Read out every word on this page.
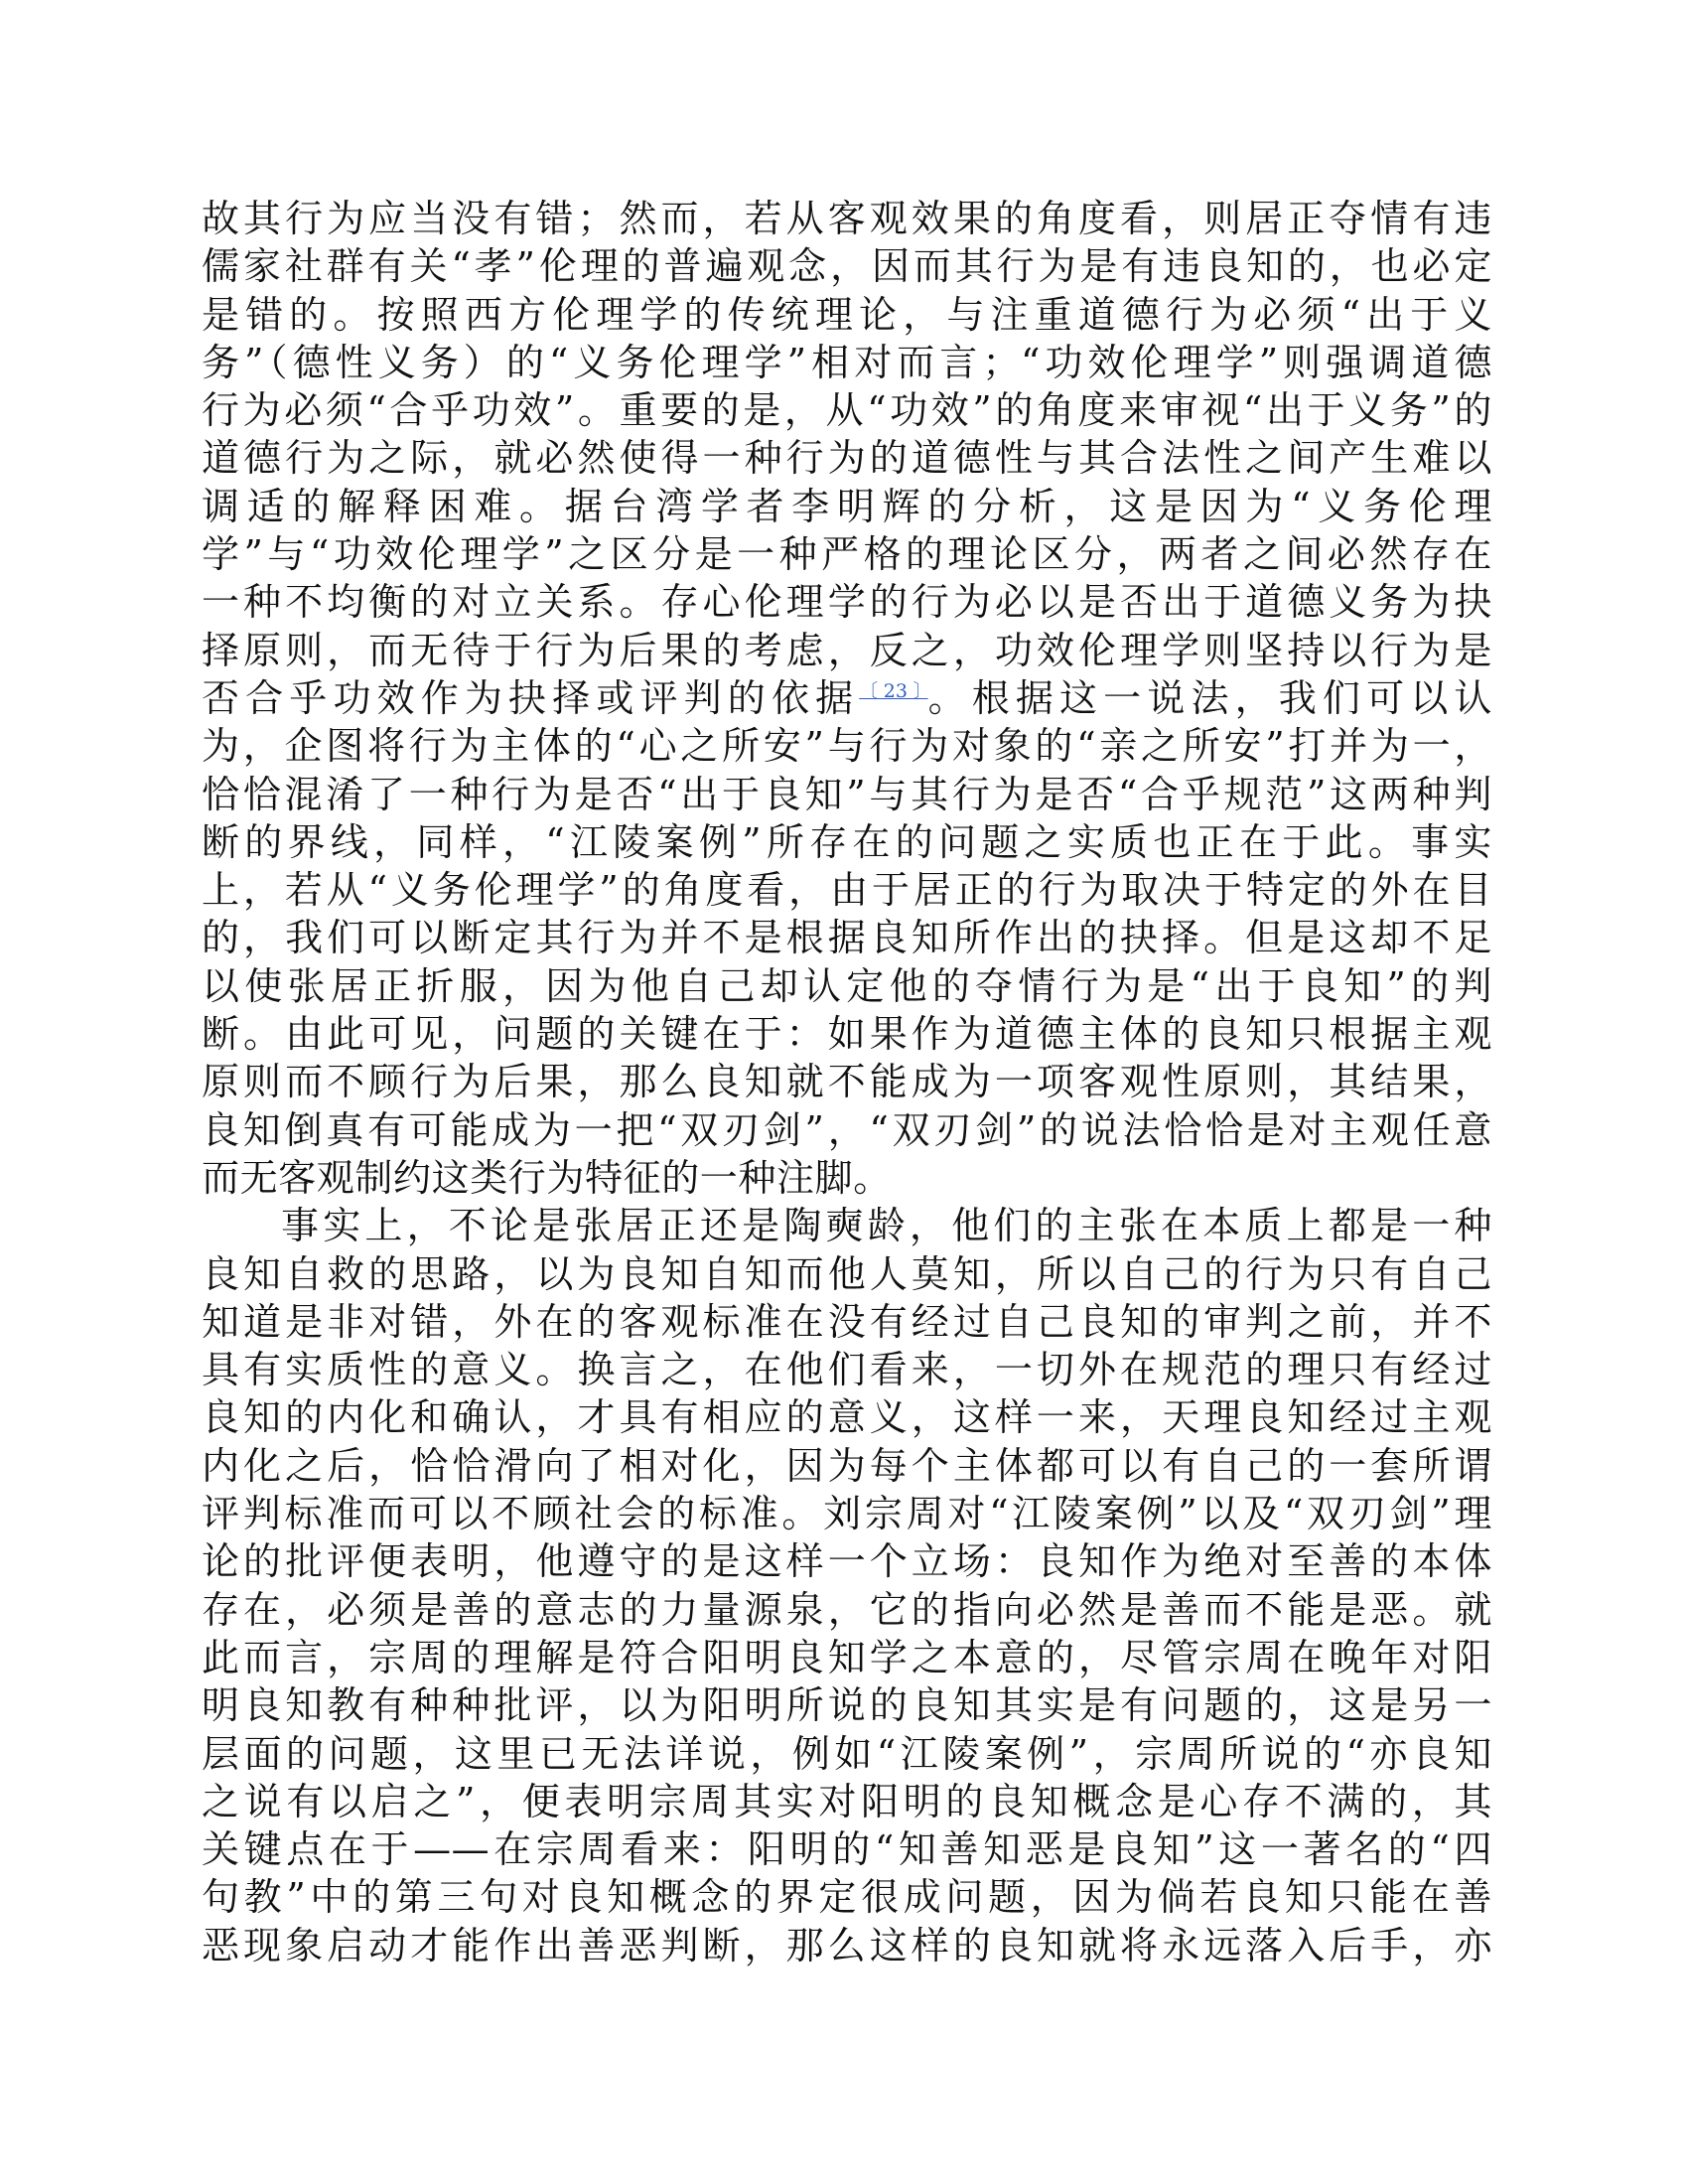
故其行为应当没有错；然而，若从客观效果的角度看，则居正夺情有违
儒家社群有关“孝”伦理的普遍观念，因而其行为是有违良知的，也必定
是错的。按照西方伦理学的传统理论，与注重道德行为必须“出于义
务”（德性义务）的“义务伦理学”相对而言；“功效伦理学”则强调道德
行为必须“合乎功效”。重要的是，从“功效”的角度来审视“出于义务”的
道德行为之际，就必然使得一种行为的道德性与其合法性之间产生难以
调适的解释困难。据台湾学者李明辉的分析，这是因为“义务伦理
学”与“功效伦理学”之区分是一种严格的理论区分，两者之间必然存在
一种不均衡的对立关系。存心伦理学的行为必以是否出于道德义务为抉
择原则，而无待于行为后果的考虑，反之，功效伦理学则坚持以行为是
否合乎功效作为抉择或评判的依据$^{〔23〕}$。根据这一说法，我们可以认
为，企图将行为主体的“心之所安”与行为对象的“亲之所安”打并为一，
恰恰混淆了一种行为是否“出于良知”与其行为是否“合乎规范”这两种判
断的界线，同样，“江陵案例”所存在的问题之实质也正在于此。事实
上，若从“义务伦理学”的角度看，由于居正的行为取决于特定的外在目
的，我们可以断定其行为并不是根据良知所作出的抉择。但是这却不足
以使张居正折服，因为他自己却认定他的夺情行为是“出于良知”的判
断。由此可见，问题的关键在于：如果作为道德主体的良知只根据主观
原则而不顾行为后果，那么良知就不能成为一项客观性原则，其结果，
良知倒真有可能成为一把“双刃剑”，“双刃剑”的说法恰恰是对主观任意
而无客观制约这类行为特征的一种注脚。
事实上，不论是张居正还是陶奭龄，他们的主张在本质上都是一种
良知自救的思路，以为良知自知而他人莫知，所以自己的行为只有自己
知道是非对错，外在的客观标准在没有经过自己良知的审判之前，并不
具有实质性的意义。换言之，在他们看来，一切外在规范的理只有经过
良知的内化和确认，才具有相应的意义，这样一来，天理良知经过主观
内化之后，恰恰滑向了相对化，因为每个主体都可以有自己的一套所谓
评判标准而可以不顾社会的标准。刘宗周对“江陵案例”以及“双刃剑”理
论的批评便表明，他遵守的是这样一个立场：良知作为绝对至善的本体
存在，必须是善的意志的力量源泉，它的指向必然是善而不能是恶。就
此而言，宗周的理解是符合阳明良知学之本意的，尽管宗周在晚年对阳
明良知教有种种批评，以为阳明所说的良知其实是有问题的，这是另一
层面的问题，这里已无法详说，例如“江陵案例”，宗周所说的“亦良知
之说有以启之”，便表明宗周其实对阳明的良知概念是心存不满的，其
关键点在于——在宗周看来：阳明的“知善知恶是良知”这一著名的“四
句教”中的第三句对良知概念的界定很成问题，因为倘若良知只能在善
恶现象启动才能作出善恶判断，那么这样的良知就将永远落入后手，亦
